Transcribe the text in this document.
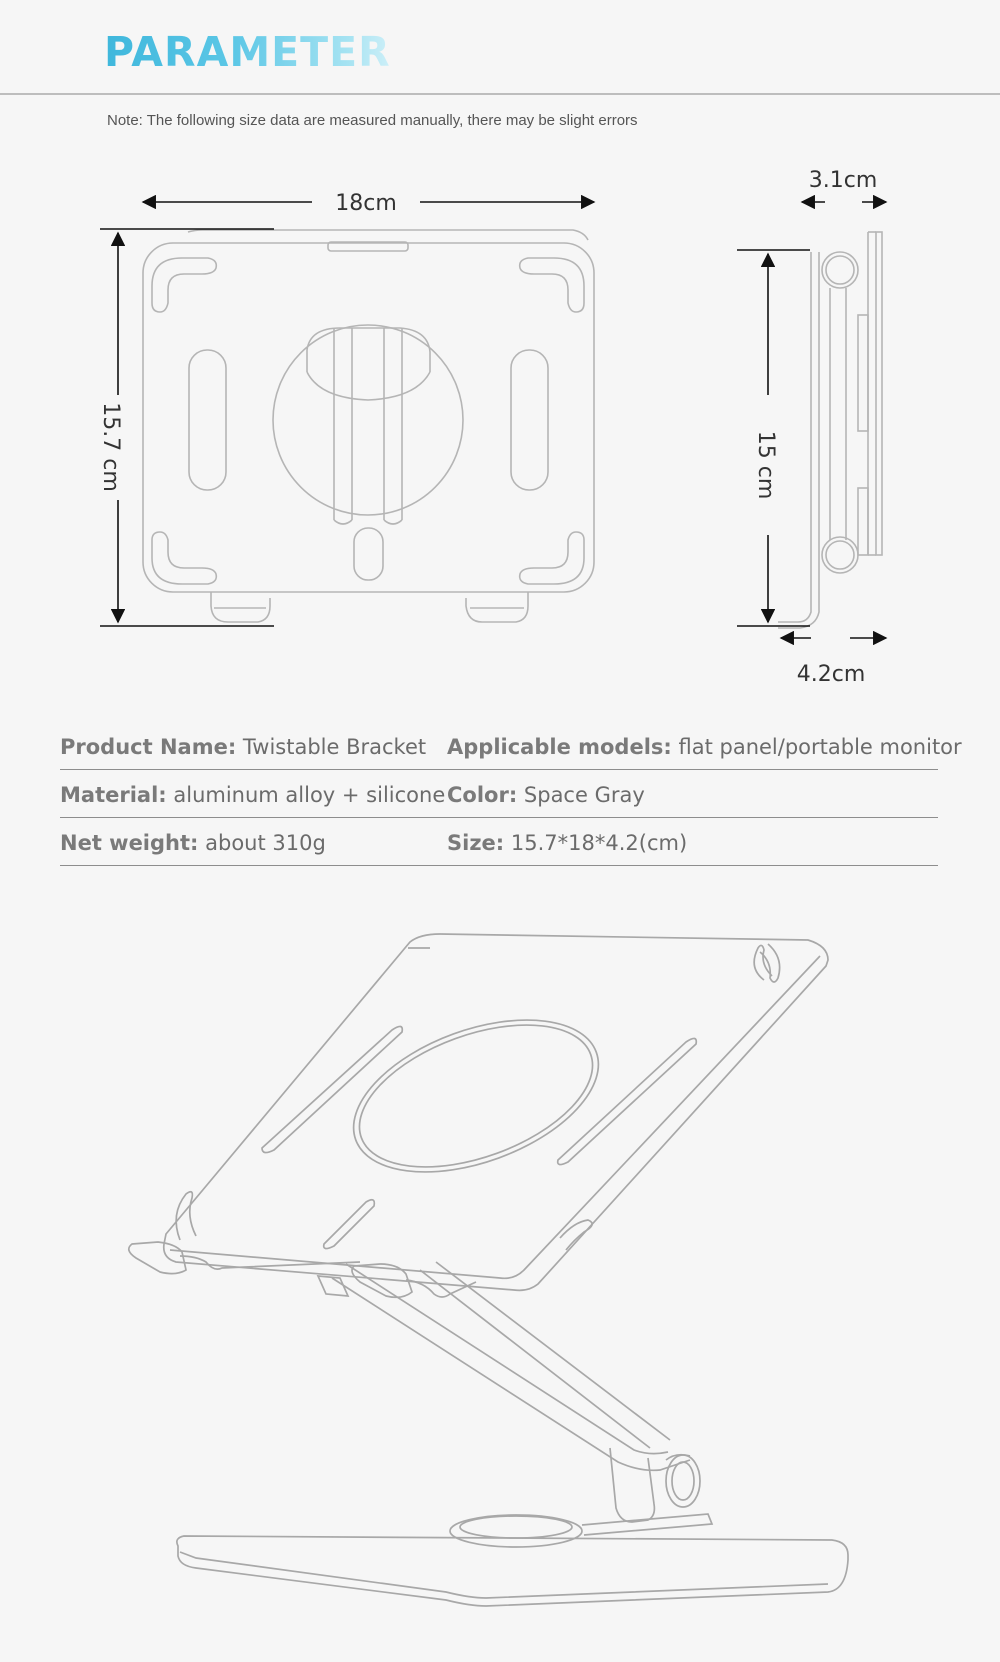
PARAMETER
Note: The following size data are measured manually, there may be slight errors
18cm
15.7 cm
3.1cm
15 cm
4.2cm
Product Name: Twistable Bracket Applicable models: flat panel/portable monitor
Material: aluminum alloy + silicone Color: Space Gray
Net weight: about 310g	Size: 15.7*18*4.2(cm)
